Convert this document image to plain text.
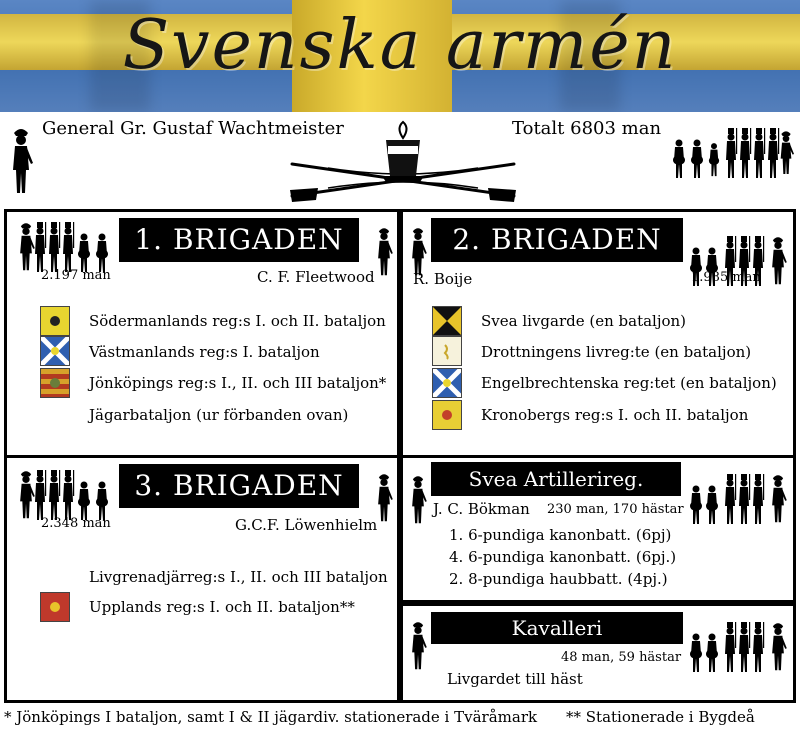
Svenska armén
General Gr. Gustaf Wachtmeister	Totalt 6803 man
1. BRIGADEN
2.197 man	C. F. Fleetwood
Södermanlands reg:s I. och II. bataljon
Västmanlands reg:s I. bataljon
Jönköpings reg:s I., II. och III bataljon*
Jägarbataljon (ur förbanden ovan)
2. BRIGADEN
R. Boije	1.985 man
Svea livgarde (en bataljon)
Drottningens livreg:te (en bataljon)
Engelbrechtenska reg:tet (en bataljon)
Kronobergs reg:s I. och II. bataljon
3. BRIGADEN
2.348 man	G.C.F. Löwenhielm
Livgrenadjärreg:s I., II. och III bataljon
Upplands reg:s I. och II. bataljon**
Svea Artillerireg.
J. C. Bökman 230 man, 170 hästar
1. 6-pundiga kanonbatt. (6pj)
4. 6-pundiga kanonbatt. (6pj.)
2. 8-pundiga haubbatt. (4pj.)
Kavalleri
48 man, 59 hästar
Livgardet till häst
* Jönköpings I bataljon, samt I & II jägardiv. stationerade i Tväråmark ** Stationerade i Bygdeå
